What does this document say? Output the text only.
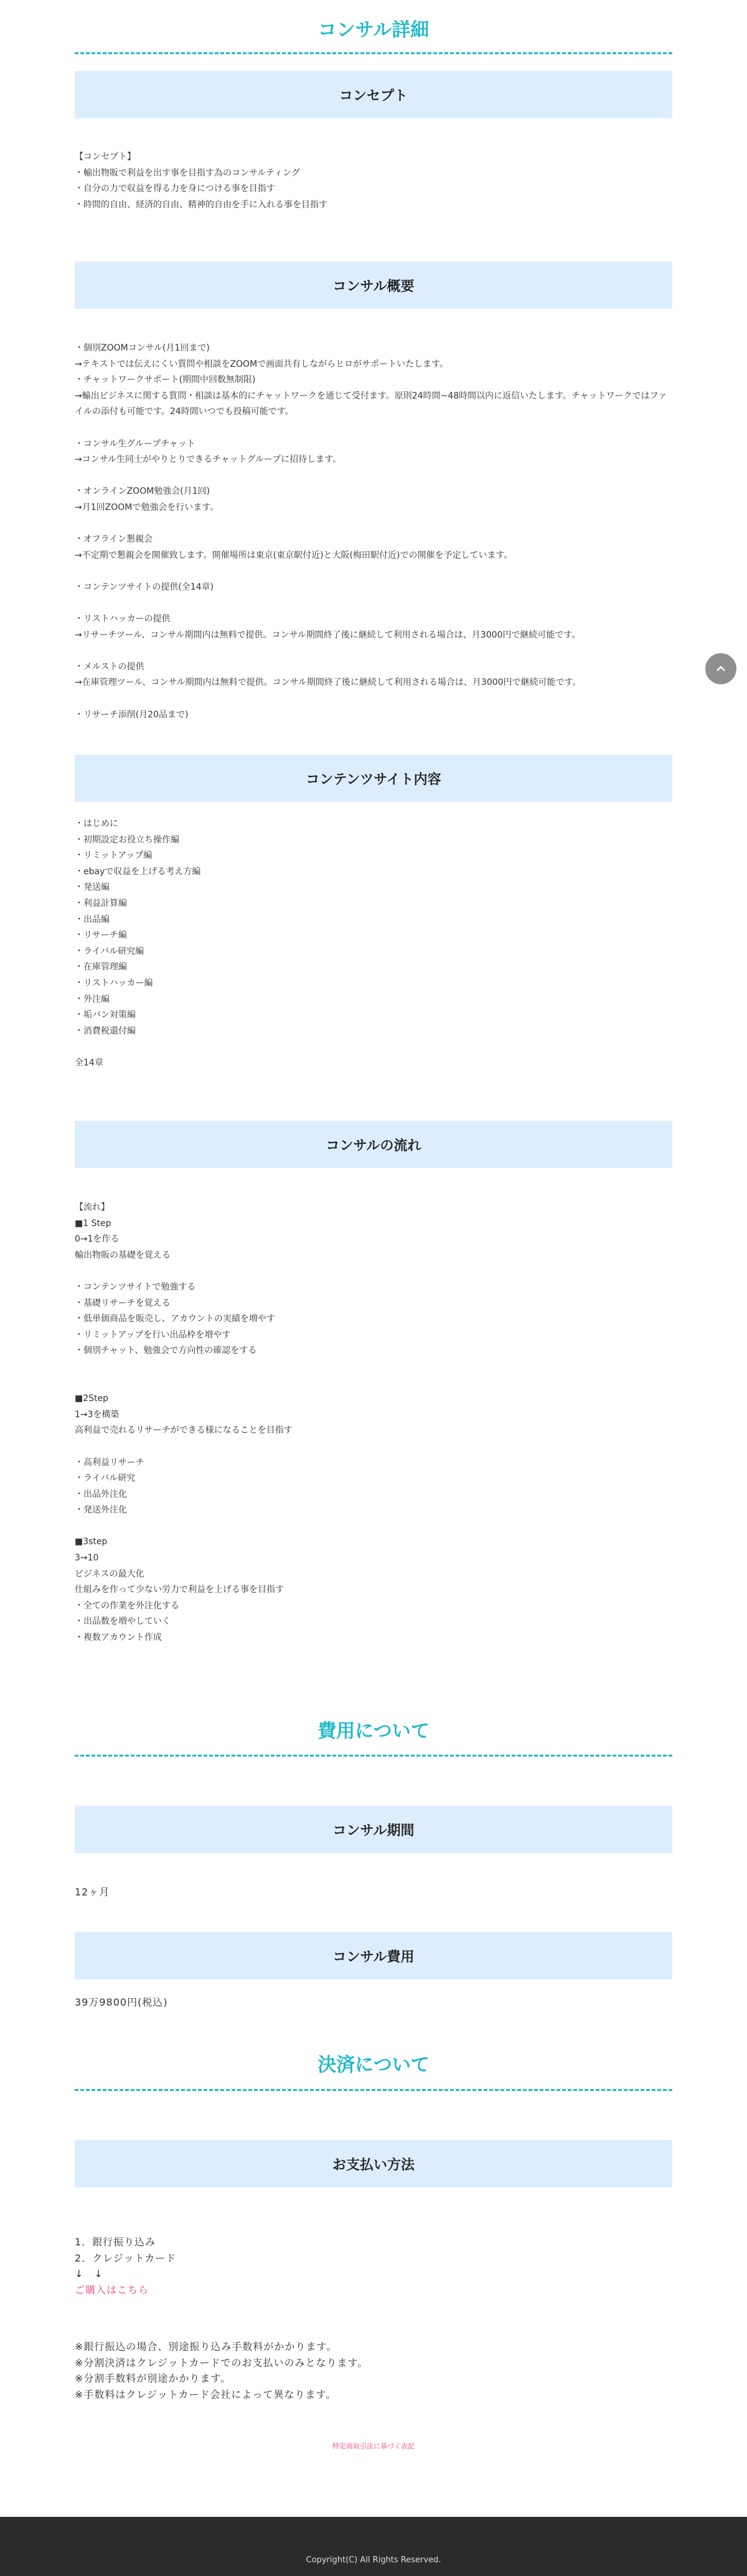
コンサル詳細
コンセプト
【コンセプト】
・輸出物販で利益を出す事を目指す為のコンサルティング
・自分の力で収益を得る力を身につける事を目指す
・時間的自由、経済的自由、精神的自由を手に入れる事を目指す
コンサル概要
・個別ZOOMコンサル(月1回まで)
→テキストでは伝えにくい質問や相談をZOOMで画面共有しながらヒロがサポートいたします。
・チャットワークサポート(期間中回数無制限)
→輸出ビジネスに関する質問・相談は基本的にチャットワークを通じて受付ます。原則24時間~48時間以内に返信いたします。チャットワークではファイルの添付も可能です。24時間いつでも投稿可能です。
・コンサル生グループチャット
→コンサル生同士がやりとりできるチャットグループに招待します。
・オンラインZOOM勉強会(月1回)
→月1回ZOOMで勉強会を行います。
・オフライン懇親会
→不定期で懇親会を開催致します。開催場所は東京(東京駅付近)と大阪(梅田駅付近)での開催を予定しています。
・コンテンツサイトの提供(全14章)
・リストハッカーの提供
→リサーチツール、コンサル期間内は無料で提供。コンサル期間終了後に継続して利用される場合は、月3000円で継続可能です。
・メルストの提供
→在庫管理ツール、コンサル期間内は無料で提供。コンサル期間終了後に継続して利用される場合は、月3000円で継続可能です。
・リサーチ添削(月20品まで)
コンテンツサイト内容
・はじめに
・初期設定お役立ち操作編
・リミットアップ編
・ebayで収益を上げる考え方編
・発送編
・利益計算編
・出品編
・リサーチ編
・ライバル研究編
・在庫管理編
・リストハッカー編
・外注編
・垢バン対策編
・消費税還付編
全14章
コンサルの流れ
【流れ】
■1 Step
0→1を作る
輸出物販の基礎を覚える
・コンテンツサイトで勉強する
・基礎リサーチを覚える
・低単価商品を販売し、アカウントの実績を増やす
・リミットアップを行い出品枠を増やす
・個別チャット、勉強会で方向性の確認をする
■2Step
1→3を構築
高利益で売れるリサーチができる様になることを目指す
・高利益リサーチ
・ライバル研究
・出品外注化
・発送外注化
■3step
3→10
ビジネスの最大化
仕組みを作って少ない労力で利益を上げる事を目指す
・全ての作業を外注化する
・出品数を増やしていく
・複数アカウント作成
費用について
コンサル期間
12ヶ月
コンサル費用
39万9800円(税込)
決済について
お支払い方法
1．銀行振り込み
2．クレジットカード
↓　↓
ご購入はこちら
※銀行振込の場合、別途振り込み手数料がかかります。
※分割決済はクレジットカードでのお支払いのみとなります。
※分割手数料が別途かかります。
※手数料はクレジットカード会社によって異なります。
特定商取引法に基づく表記
Copyright(C) All Rights Reserved.
